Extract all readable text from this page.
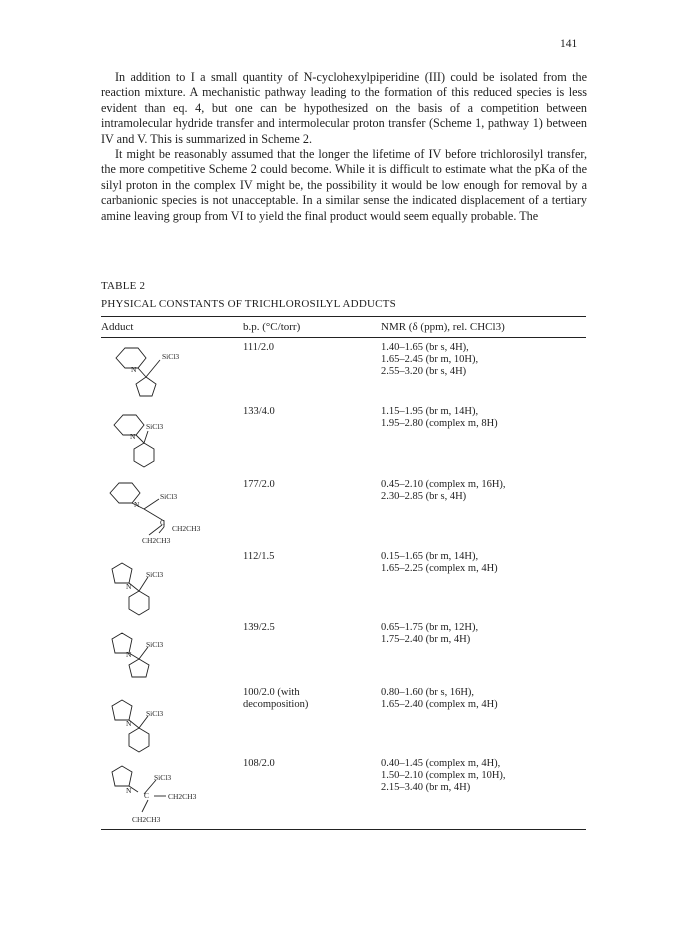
141

In addition to I a small quantity of N-cyclohexylpiperidine (III) could be isolated from the reaction mixture. A mechanistic pathway leading to the formation of this reduced species is less evident than eq. 4, but one can be hypothesized on the basis of a competition between intramolecular hydride transfer and intermolecular proton transfer (Scheme 1, pathway 1) between IV and V. This is summarized in Scheme 2.

It might be reasonably assumed that the longer the lifetime of IV before trichlorosilyl transfer, the more competitive Scheme 2 could become. While it is difficult to estimate what the pKa of the silyl proton in the complex IV might be, the possibility it would be low enough for removal by a carbanionic species is not unacceptable. In a similar sense the indicated displacement of a tertiary amine leaving group from VI to yield the final product would seem equally probable. The

TABLE 2
PHYSICAL CONSTANTS OF TRICHLOROSILYL ADDUCTS
Adduct	b.p. (°C/torr)	NMR (δ (ppm), rel. CHCl3)
111/2.0	1.40–1.65 (br s, 4H),
1.65–2.45 (br m, 10H),
2.55–3.20 (br s, 4H)
N
SiCl3
133/4.0	1.15–1.95 (br m, 14H),
1.95–2.80 (complex m, 8H)
N
SiCl3
177/2.0	0.45–2.10 (complex m, 16H),
2.30–2.85 (br s, 4H)
N
SiCl3
C
CH2CH3
CH2CH3
112/1.5	0.15–1.65 (br m, 14H),
1.65–2.25 (complex m, 4H)
N
SiCl3
139/2.5	0.65–1.75 (br m, 12H),
1.75–2.40 (br m, 4H)
N
SiCl3
100/2.0 (with
decomposition)
0.80–1.60 (br s, 16H),
1.65–2.40 (complex m, 4H)
N
SiCl3
108/2.0	0.40–1.45 (complex m, 4H),
1.50–2.10 (complex m, 10H),
2.15–3.40 (br m, 4H)
N
C
SiCl3
CH2CH3
CH2CH3
